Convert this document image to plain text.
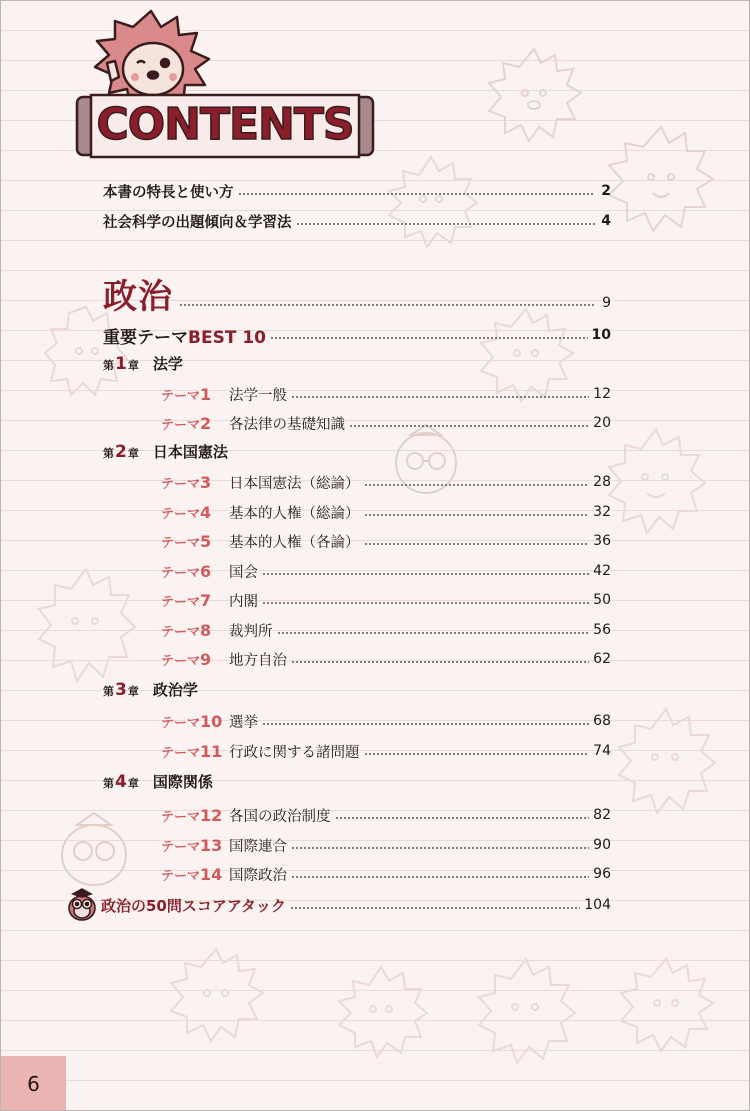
CONTENTS
本書の特長と使い方	2
社会科学の出題傾向＆学習法	4
政治	9
重要テーマBEST 10	10
第 1 章 法学
テーマ1	法学一般	12
テーマ2	各法律の基礎知識	20
第 2 章 日本国憲法
テーマ3	日本国憲法（総論）	28
テーマ4	基本的人権（総論）	32
テーマ5	基本的人権（各論）	36
テーマ6	国会	42
テーマ7	内閣	50
テーマ8	裁判所	56
テーマ9	地方自治	62
第 3 章 政治学
テーマ10 選挙	68
テーマ11 行政に関する諸問題	74
第 4 章 国際関係
テーマ12 各国の政治制度	82
テーマ13 国際連合	90
テーマ14 国際政治	96
政治の50問スコアアタック	104
6
